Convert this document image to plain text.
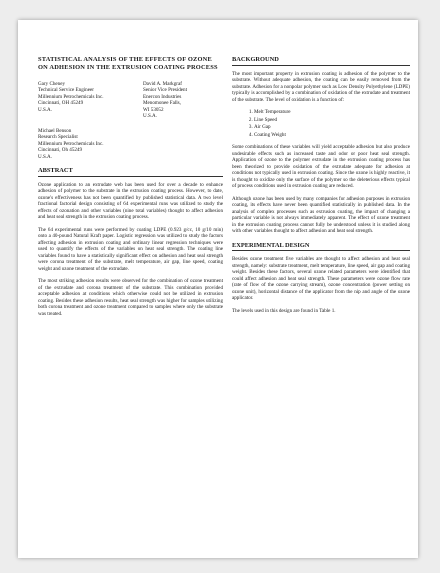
STATISTICAL ANALYSIS OF THE EFFECTS OF OZONE ON ADHESION IN THE EXTRUSION COATING PROCESS
Gary Cheney
Technical Service Engineer
Millennium Petrochemicals Inc.
Cincinnati, OH 45249
U.S.A.
David A. Markgraf
Senior Vice President
Enercon Industries
Menomonee Falls,
WI 53052
U.S.A.
Michael Benson
Research Specialist
Millennium Petrochemicals Inc.
Cincinnati, Oh 45249
U.S.A.
ABSTRACT

Ozone application to an extrudate web has been used for over a decade to enhance adhesion of polymer to the substrate in the extrusion coating process. However, to date, ozone's effectiveness has not been quantified by published statistical data. A two level fractional factorial design consisting of 64 experimental runs was utilized to study the effects of ozonation and other variables (nine total variables) thought to affect adhesion and heat seal strength in the extrusion coating process.

The 64 experimental runs were performed by coating LDPE (0.923 g/cc, 10 g/10 min) onto a 40-pound Natural Kraft paper. Logistic regression was utilized to study the factors affecting adhesion in extrusion coating and ordinary linear regression techniques were used to quantify the effects of the variables on heat seal strength. The coating line variables found to have a statistically significant effect on adhesion and heat seal strength were corona treatment of the substrate, melt temperature, air gap, line speed, coating weight and ozone treatment of the extrudate.

The most striking adhesion results were observed for the combination of ozone treatment of the extrudate and corona treatment of the substrate. This combination provided acceptable adhesion at conditions which otherwise could not be utilized in extrusion coating. Besides these adhesion results, heat seal strength was higher for samples utilizing both corona treatment and ozone treatment compared to samples where only the substrate was treated.

BACKGROUND

The most important property in extrusion coating is adhesion of the polymer to the substrate. Without adequate adhesion, the coating can be easily removed from the substrate. Adhesion for a nonpolar polymer such as Low Density Polyethylene (LDPE) typically is accomplished by a combination of oxidation of the extrudate and treatment of the substrate. The level of oxidation is a function of:

1. Melt Temperature
2. Line Speed
3. Air Gap
4. Coating Weight

Some combinations of these variables will yield acceptable adhesion but also produce undesirable effects such as increased taste and odor or poor heat seal strength. Application of ozone to the polymer extrudate in the extrusion coating process has been theorized to provide oxidation of the extrudate adequate for adhesion at conditions not typically used in extrusion coating. Since the ozone is highly reactive, it is thought to oxidize only the surface of the polymer so the deleterious effects typical of process conditions used in extrusion coating are reduced.

Although ozone has been used by many companies for adhesion purposes in extrusion coating, its effects have never been quantified statistically in published data. In the analysis of complex processes such as extrusion coating, the impact of changing a particular variable is not always immediately apparent. The effect of ozone treatment in the extrusion coating process cannot fully be understood unless it is studied along with other variables thought to affect adhesion and heat seal strength.

EXPERIMENTAL DESIGN

Besides ozone treatment five variables are thought to affect adhesion and heat seal strength, namely: substrate treatment, melt temperature, line speed, air gap and coating weight. Besides these factors, several ozone related parameters were identified that could affect adhesion and heat seal strength. These parameters were ozone flow rate (rate of flow of the ozone carrying stream), ozone concentration (power setting on ozone unit), horizontal distance of the applicator from the nip and angle of the ozone applicator.

The levels used in this design are found in Table 1.
